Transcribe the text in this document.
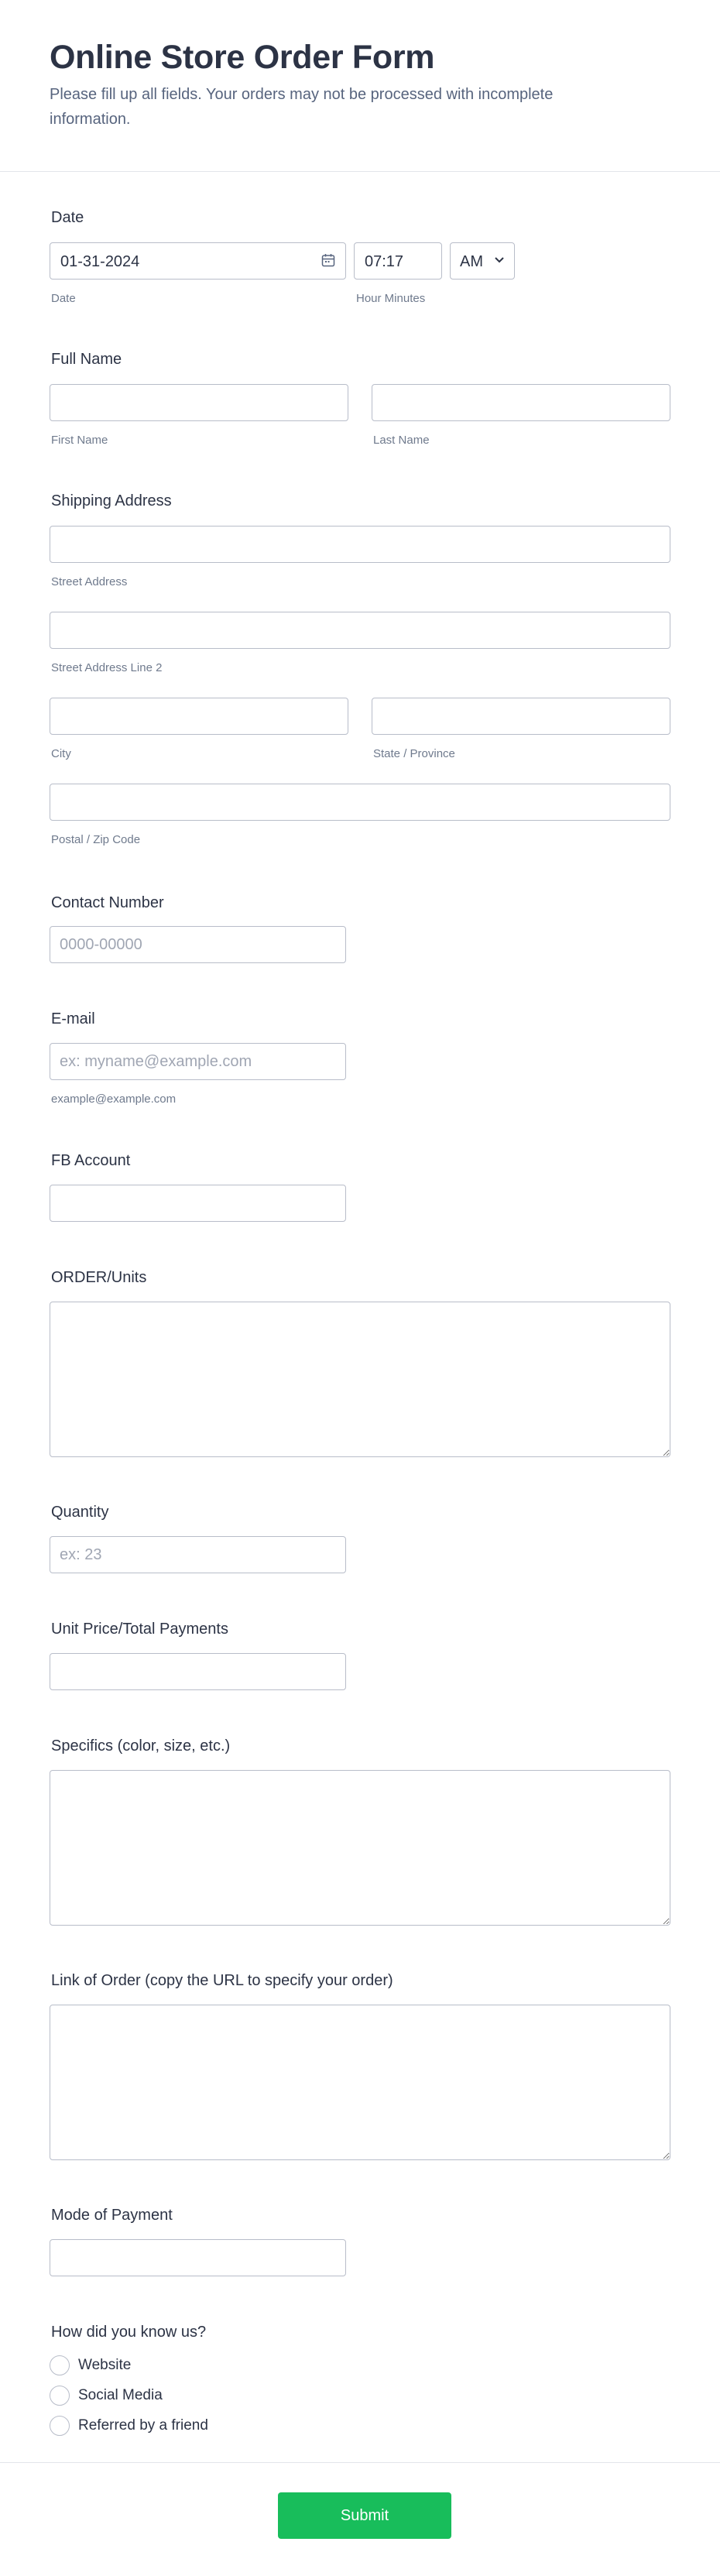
Online Store Order Form
Please fill up all fields. Your orders may not be processed with incomplete information.
Date
01-31-2024
Date
07:17	AM
Hour Minutes
Full Name
First Name	Last Name
Shipping Address
Street Address
Street Address Line 2
City	State / Province
Postal / Zip Code
Contact Number
0000-00000
E-mail
ex: myname@example.com
example@example.com
FB Account
ORDER/Units
Quantity
ex: 23
Unit Price/Total Payments
Specifics (color, size, etc.)
Link of Order (copy the URL to specify your order)
Mode of Payment
How did you know us?
Website
Social Media
Referred by a friend
Submit
